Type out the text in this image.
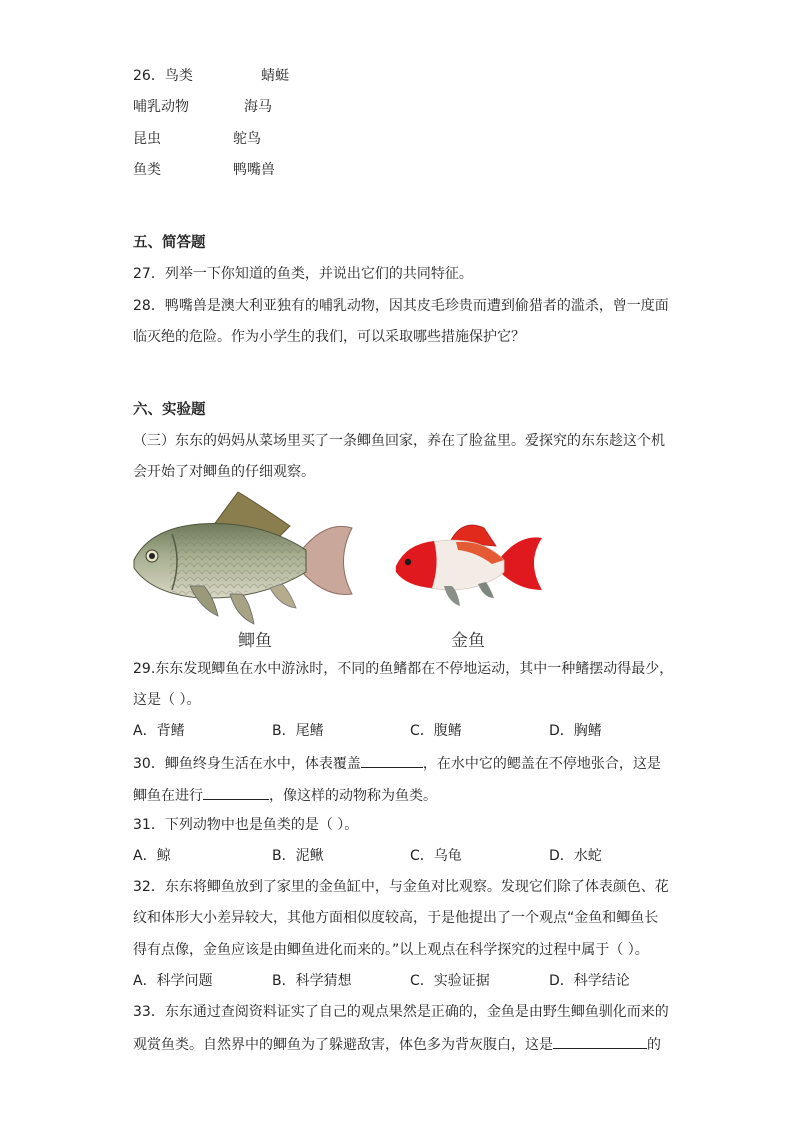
26．鸟类	蜻蜓
哺乳动物	海马
昆虫	鸵鸟
鱼类	鸭嘴兽
五、简答题
27．列举一下你知道的鱼类，并说出它们的共同特征。
28．鸭嘴兽是澳大利亚独有的哺乳动物，因其皮毛珍贵而遭到偷猎者的滥杀，曾一度面
临灭绝的危险。作为小学生的我们，可以采取哪些措施保护它？
六、实验题
（三）东东的妈妈从菜场里买了一条鲫鱼回家，养在了脸盆里。爱探究的东东趁这个机
会开始了对鲫鱼的仔细观察。
鲫鱼	金鱼
29.东东发现鲫鱼在水中游泳时，不同的鱼鳍都在不停地运动，其中一种鳍摆动得最少，
这是（ ）。
A．背鳍	B．尾鳍	C．腹鳍	D．胸鳍
30．鲫鱼终身生活在水中，体表覆盖	，在水中它的鳃盖在不停地张合，这是
鲫鱼在进行	，像这样的动物称为鱼类。
31．下列动物中也是鱼类的是（ ）。
A．鲸	B．泥鳅	C．乌龟	D．水蛇
32．东东将鲫鱼放到了家里的金鱼缸中，与金鱼对比观察。发现它们除了体表颜色、花
纹和体形大小差异较大，其他方面相似度较高，于是他提出了一个观点“金鱼和鲫鱼长
得有点像，金鱼应该是由鲫鱼进化而来的。”以上观点在科学探究的过程中属于（ ）。
A．科学问题	B．科学猜想	C．实验证据	D．科学结论
33．东东通过查阅资料证实了自己的观点果然是正确的，金鱼是由野生鲫鱼驯化而来的
观赏鱼类。自然界中的鲫鱼为了躲避敌害，体色多为背灰腹白，这是	的
